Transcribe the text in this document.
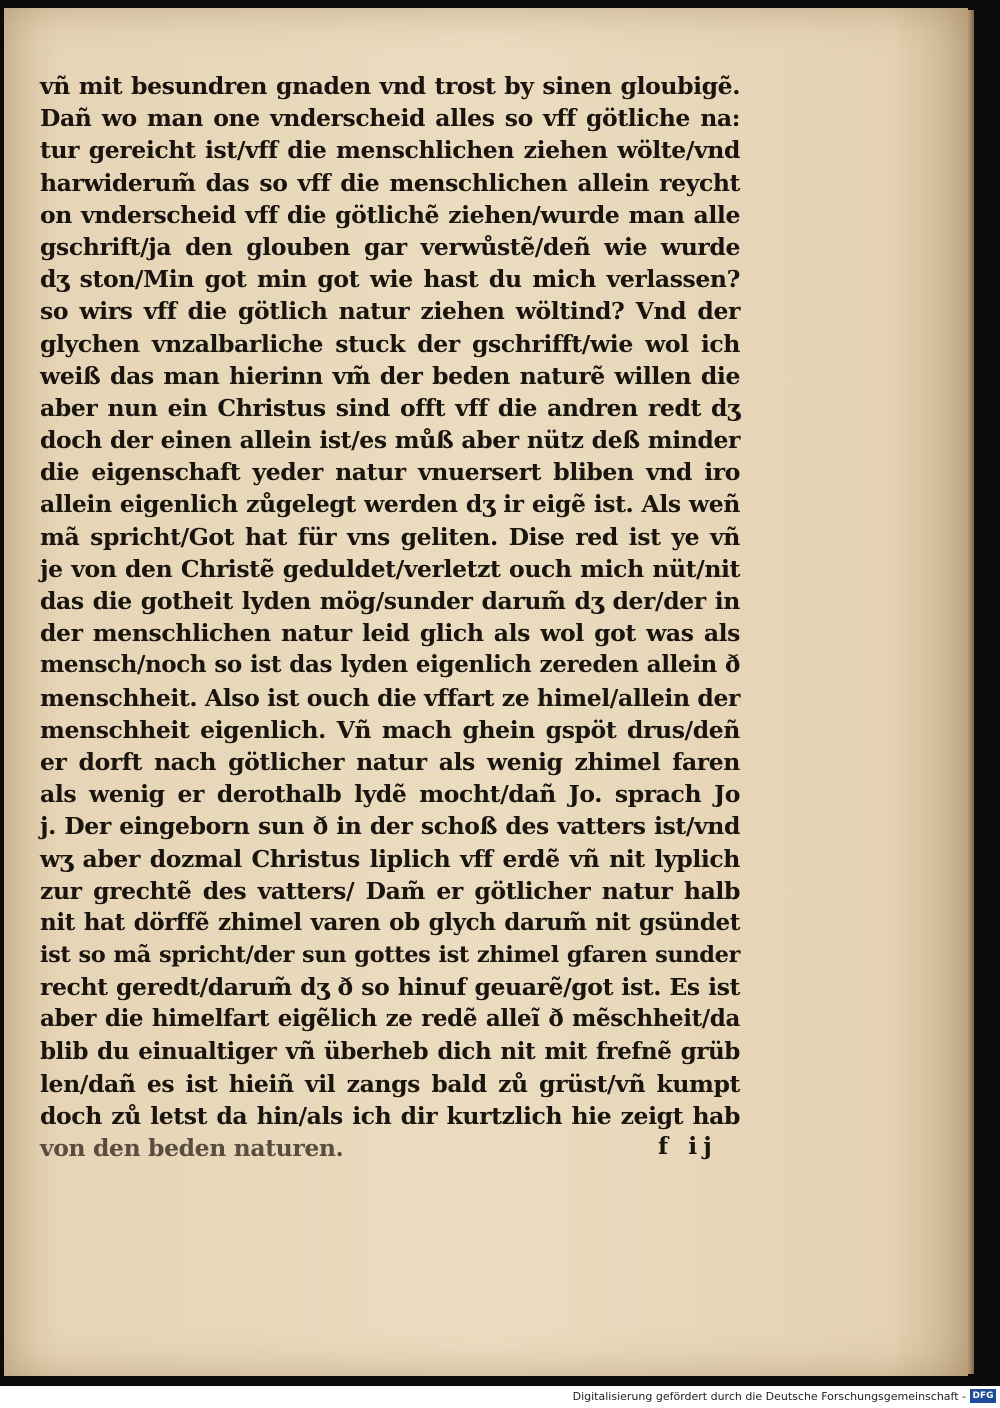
vñ mit besundren gnaden vnd trost by sinen gloubigẽ.
Dañ wo man one vnderscheid alles so vff götliche na:
tur gereicht ist/vff die menschlichen ziehen wölte/vnd
harwiderum̃ das so vff die menschlichen allein reycht
on vnderscheid vff die götlichẽ ziehen/wurde man alle
gschrift/ja den glouben gar verwůstẽ/deñ wie wurde
dʒ ston/Min got min got wie hast du mich verlassen?
so wirs vff die götlich natur ziehen wöltind? Vnd der
glychen vnzalbarliche stuck der gschrifft/wie wol ich
weiß das man hierinn vm̃ der beden naturẽ willen die
aber nun ein Christus sind offt vff die andren redt dʒ
doch der einen allein ist/es můß aber nütz deß minder
die eigenschaft yeder natur vnuersert bliben vnd iro
allein eigenlich zůgelegt werden dʒ ir eigẽ ist. Als weñ
mã spricht/Got hat für vns geliten. Dise red ist ye vñ
je von den Christẽ geduldet/verletzt ouch mich nüt/nit
das die gotheit lyden mög/sunder darum̃ dʒ der/der in
der menschlichen natur leid glich als wol got was als
mensch/noch so ist das lyden eigenlich zereden allein ð
menschheit. Also ist ouch die vffart ze himel/allein der
menschheit eigenlich. Vñ mach ghein gspöt drus/deñ
er dorft nach götlicher natur als wenig zhimel faren
als wenig er derothalb lydẽ mocht/dañ Jo. sprach Jo
j. Der eingeborn sun ð in der schoß des vatters ist/vnd
wʒ aber dozmal Christus liplich vff erdẽ vñ nit lyplich
zur grechtẽ des vatters/ Dam̃ er götlicher natur halb
nit hat dörffẽ zhimel varen ob glych darum̃ nit gsündet
ist so mã spricht/der sun gottes ist zhimel gfaren sunder
recht geredt/darum̃ dʒ ð so hinuf geuarẽ/got ist. Es ist
aber die himelfart eigẽlich ze redẽ alleĩ ð mẽschheit/da
blib du einualtiger vñ überheb dich nit mit frefnẽ grüb
len/dañ es ist hieiñ vil zangs bald zů grüst/vñ kumpt
doch zů letst da hin/als ich dir kurtzlich hie zeigt hab
von den beden naturen.	f ij
Digitalisierung gefördert durch die Deutsche Forschungsgemeinschaft - DFG
